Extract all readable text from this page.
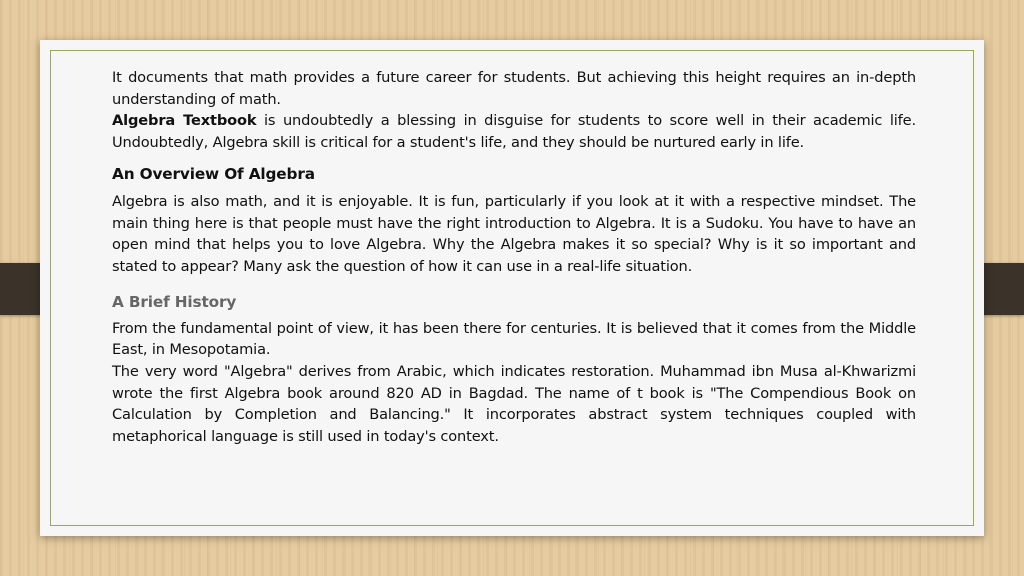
It documents that math provides a future career for students. But achieving this height requires an in-depth understanding of math.

Algebra Textbook is undoubtedly a blessing in disguise for students to score well in their academic life. Undoubtedly, Algebra skill is critical for a student's life, and they should be nurtured early in life.

An Overview Of Algebra

Algebra is also math, and it is enjoyable. It is fun, particularly if you look at it with a respective mindset. The main thing here is that people must have the right introduction to Algebra. It is a Sudoku. You have to have an open mind that helps you to love Algebra. Why the Algebra makes it so special? Why is it so important and stated to appear? Many ask the question of how it can use in a real-life situation.

A Brief History

From the fundamental point of view, it has been there for centuries. It is believed that it comes from the Middle East, in Mesopotamia.

The very word "Algebra" derives from Arabic, which indicates restoration. Muhammad ibn Musa al-Khwarizmi wrote the first Algebra book around 820 AD in Bagdad. The name of t book is "The Compendious Book on Calculation by Completion and Balancing." It incorporates abstract system techniques coupled with metaphorical language is still used in today's context.
